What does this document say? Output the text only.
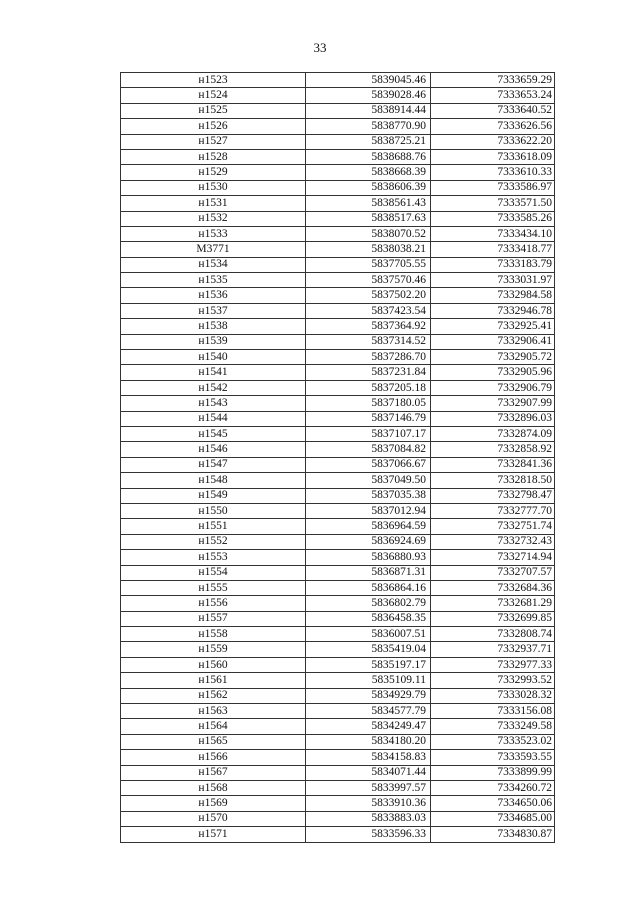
33
н1523	5839045.46	7333659.29
н1524	5839028.46	7333653.24
н1525	5838914.44	7333640.52
н1526	5838770.90	7333626.56
н1527	5838725.21	7333622.20
н1528	5838688.76	7333618.09
н1529	5838668.39	7333610.33
н1530	5838606.39	7333586.97
н1531	5838561.43	7333571.50
н1532	5838517.63	7333585.26
н1533	5838070.52	7333434.10
М3771	5838038.21	7333418.77
н1534	5837705.55	7333183.79
н1535	5837570.46	7333031.97
н1536	5837502.20	7332984.58
н1537	5837423.54	7332946.78
н1538	5837364.92	7332925.41
н1539	5837314.52	7332906.41
н1540	5837286.70	7332905.72
н1541	5837231.84	7332905.96
н1542	5837205.18	7332906.79
н1543	5837180.05	7332907.99
н1544	5837146.79	7332896.03
н1545	5837107.17	7332874.09
н1546	5837084.82	7332858.92
н1547	5837066.67	7332841.36
н1548	5837049.50	7332818.50
н1549	5837035.38	7332798.47
н1550	5837012.94	7332777.70
н1551	5836964.59	7332751.74
н1552	5836924.69	7332732.43
н1553	5836880.93	7332714.94
н1554	5836871.31	7332707.57
н1555	5836864.16	7332684.36
н1556	5836802.79	7332681.29
н1557	5836458.35	7332699.85
н1558	5836007.51	7332808.74
н1559	5835419.04	7332937.71
н1560	5835197.17	7332977.33
н1561	5835109.11	7332993.52
н1562	5834929.79	7333028.32
н1563	5834577.79	7333156.08
н1564	5834249.47	7333249.58
н1565	5834180.20	7333523.02
н1566	5834158.83	7333593.55
н1567	5834071.44	7333899.99
н1568	5833997.57	7334260.72
н1569	5833910.36	7334650.06
н1570	5833883.03	7334685.00
н1571	5833596.33	7334830.87
